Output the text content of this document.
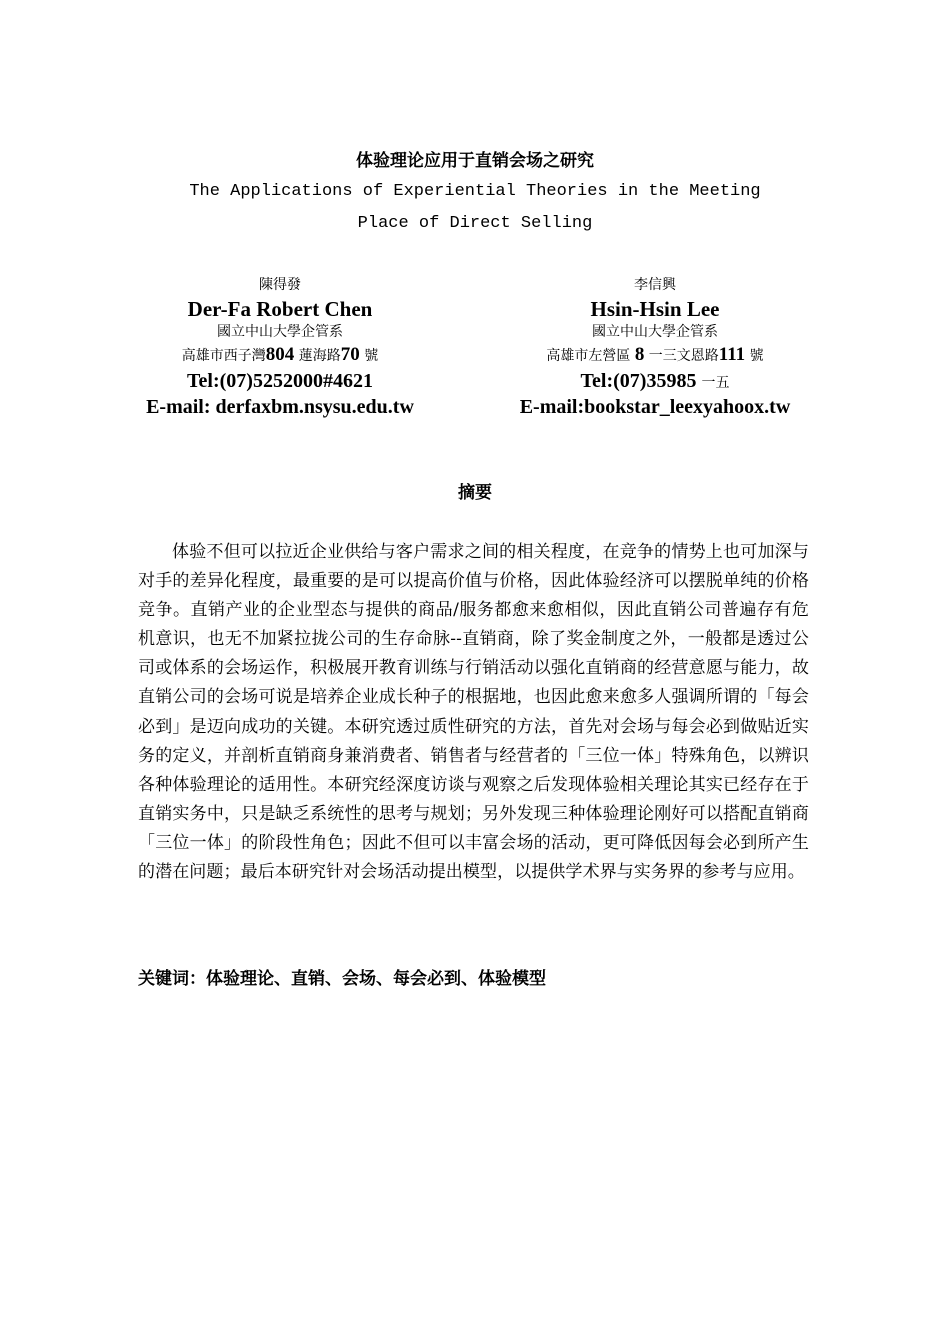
体验理论应用于直销会场之研究
The Applications of Experiential Theories in the Meeting
Place of Direct Selling
陳得發
Der-Fa Robert Chen
國立中山大學企管系
高雄市西子灣804 蓮海路70 號
Tel:(07)5252000#4621
E-mail: derfaxbm.nsysu.edu.tw
李信興
Hsin-Hsin Lee
國立中山大學企管系
高雄市左營區 8 一三文恩路111 號
Tel:(07)35985 一五
E-mail:bookstar_leexyahoox.tw
摘要
体验不但可以拉近企业供给与客户需求之间的相关程度，在竞争的情势上也可加深与对手的差异化程度，最重要的是可以提高价值与价格，因此体验经济可以摆脱单纯的价格竞争。直销产业的企业型态与提供的商品/服务都愈来愈相似，因此直销公司普遍存有危机意识，也无不加紧拉拢公司的生存命脉--直销商，除了奖金制度之外，一般都是透过公司或体系的会场运作，积极展开教育训练与行销活动以强化直销商的经营意愿与能力，故直销公司的会场可说是培养企业成长种子的根据地，也因此愈来愈多人强调所谓的「每会必到」是迈向成功的关键。本研究透过质性研究的方法，首先对会场与每会必到做贴近实务的定义，并剖析直销商身兼消费者、销售者与经营者的「三位一体」特殊角色，以辨识各种体验理论的适用性。本研究经深度访谈与观察之后发现体验相关理论其实已经存在于直销实务中，只是缺乏系统性的思考与规划；另外发现三种体验理论刚好可以搭配直销商「三位一体」的阶段性角色；因此不但可以丰富会场的活动，更可降低因每会必到所产生的潜在问题；最后本研究针对会场活动提出模型，以提供学术界与实务界的参考与应用。
关键词：体验理论、直销、会场、每会必到、体验模型
